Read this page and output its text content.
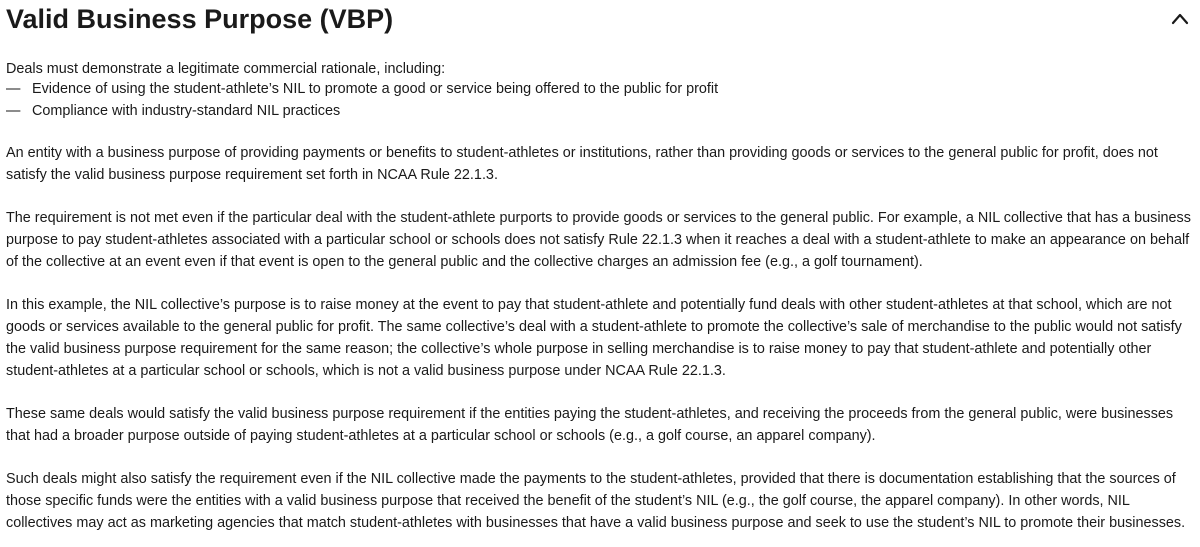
Valid Business Purpose (VBP)

Deals must demonstrate a legitimate commercial rationale, including:

— Evidence of using the student-athlete’s NIL to promote a good or service being offered to the public for profit

— Compliance with industry-standard NIL practices

An entity with a business purpose of providing payments or benefits to student-athletes or institutions, rather than providing goods or services to the general public for profit, does not satisfy the valid business purpose requirement set forth in NCAA Rule 22.1.3.

The requirement is not met even if the particular deal with the student-athlete purports to provide goods or services to the general public. For example, a NIL collective that has a business purpose to pay student-athletes associated with a particular school or schools does not satisfy Rule 22.1.3 when it reaches a deal with a student-athlete to make an appearance on behalf of the collective at an event even if that event is open to the general public and the collective charges an admission fee (e.g., a golf tournament).

In this example, the NIL collective’s purpose is to raise money at the event to pay that student-athlete and potentially fund deals with other student-athletes at that school, which are not goods or services available to the general public for profit. The same collective’s deal with a student-athlete to promote the collective’s sale of merchandise to the public would not satisfy the valid business purpose requirement for the same reason; the collective’s whole purpose in selling merchandise is to raise money to pay that student-athlete and potentially other student-athletes at a particular school or schools, which is not a valid business purpose under NCAA Rule 22.1.3.

These same deals would satisfy the valid business purpose requirement if the entities paying the student-athletes, and receiving the proceeds from the general public, were businesses that had a broader purpose outside of paying student-athletes at a particular school or schools (e.g., a golf course, an apparel company).

Such deals might also satisfy the requirement even if the NIL collective made the payments to the student-athletes, provided that there is documentation establishing that the sources of those specific funds were the entities with a valid business purpose that received the benefit of the student’s NIL (e.g., the golf course, the apparel company). In other words, NIL collectives may act as marketing agencies that match student-athletes with businesses that have a valid business purpose and seek to use the student’s NIL to promote their businesses.
